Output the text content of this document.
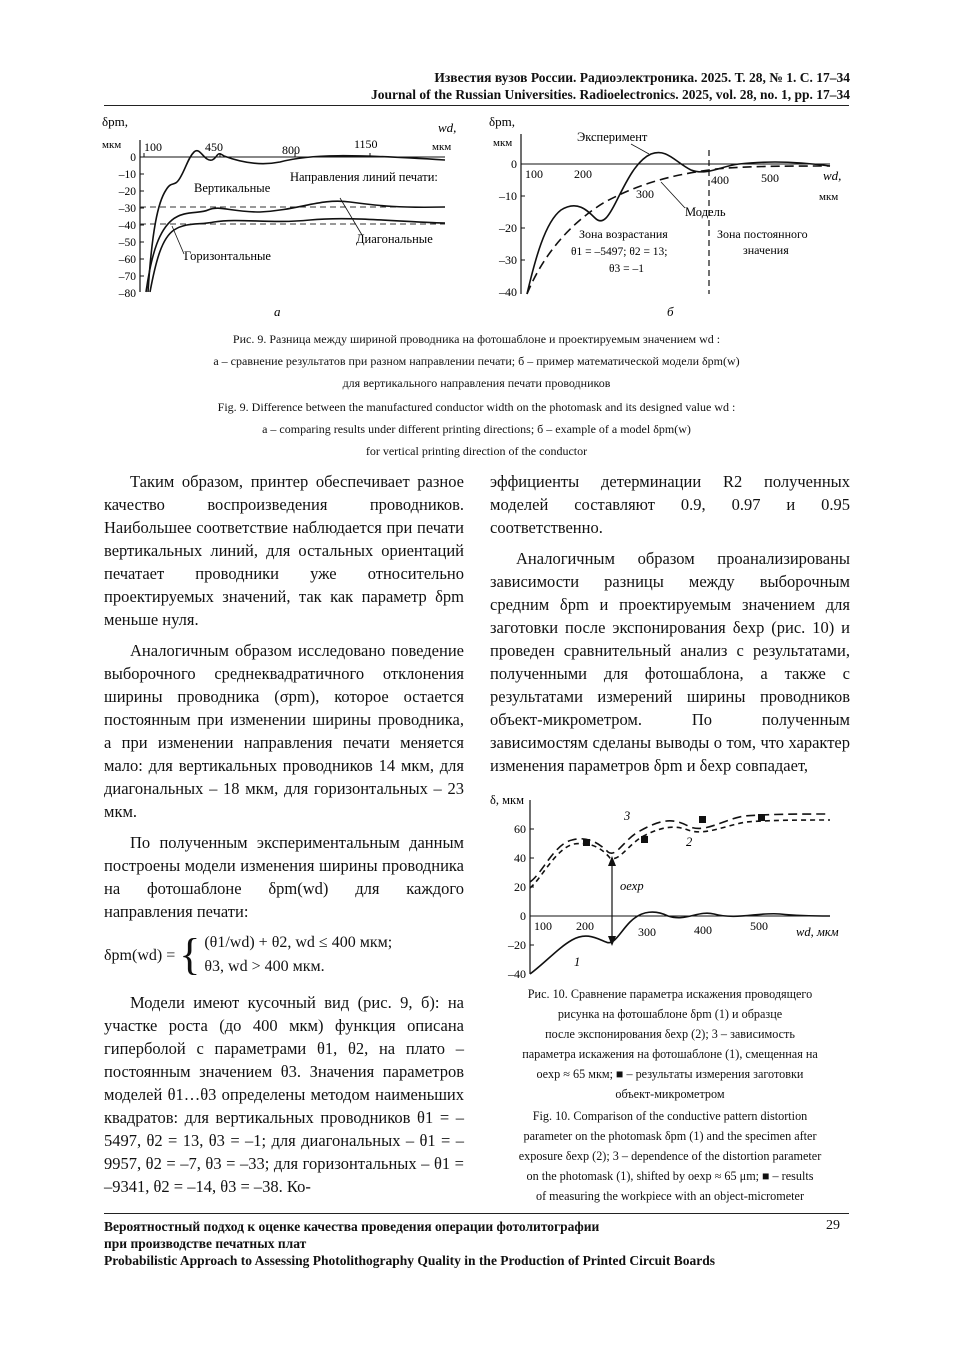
Известия вузов России. Радиоэлектроника. 2025. Т. 28, № 1. С. 17–34
Journal of the Russian Universities. Radioelectronics. 2025, vol. 28, no. 1, pp. 17–34
δpm,
мкм
0
–10
–20
–30
–40
–50
–60
–70
–80
100	450	800	1150
wd,
мкм
Направления линий печати:
Вертикальные
Диагональные
Горизонтальные
а
δpm,
мкм
0
–10
–20
–30
–40
100	200
300
400	500	wd,
мкм
Эксперимент
Модель
Зона возрастания
θ1 = –5497; θ2 = 13;
θ3 = –1
Зона постоянного
значения
б
Рис. 9. Разница между шириной проводника на фотошаблоне и проектируемым значением wd :
а – сравнение результатов при разном направлении печати; б – пример математической модели δpm(w)
для вертикального направления печати проводников
Fig. 9. Difference between the manufactured conductor width on the photomask and its designed value wd :
a – comparing results under different printing directions; б – example of a model δpm(w)
for vertical printing direction of the conductor

Таким образом, принтер обеспечивает разное качество воспроизведения проводников. Наибольшее соответствие наблюдается при печати вертикальных линий, для остальных ориентаций печатает проводники уже относительно проектируемых значений, так как параметр δpm меньше нуля.

Аналогичным образом исследовано поведение выборочного среднеквадратичного отклонения ширины проводника (σpm), которое остается постоянным при изменении ширины проводника, а при изменении направления печати меняется мало: для вертикальных проводников 14 мкм, для диагональных – 18 мкм, для горизонтальных – 23 мкм.

По полученным экспериментальным данным построены модели изменения ширины проводника на фотошаблоне δpm(wd) для каждого направления печати:

δpm(wd) = { (θ1/wd) + θ2, wd ≤ 400 мкм;
θ3, wd > 400 мкм.

Модели имеют кусочный вид (рис. 9, б): на участке роста (до 400 мкм) функция описана гиперболой с параметрами θ1, θ2, на плато – постоянным значением θ3. Значения параметров моделей θ1…θ3 определены методом наименьших квадратов: для вертикальных проводников θ1 = –5497, θ2 = 13, θ3 = –1; для диагональных – θ1 = –9957, θ2 = –7, θ3 = –33; для горизонтальных – θ1 = –9341, θ2 = –14, θ3 = –38. Ко-

эффициенты детерминации R2 полученных моделей составляют 0.9, 0.97 и 0.95 соответственно.

Аналогичным образом проанализированы зависимости разницы между выборочным средним δpm и проектируемым значением для заготовки после экспонирования δexp (рис. 10) и проведен сравнительный анализ с результатами, полученными для фотошаблона, а также с результатами измерений ширины проводников объект-микрометром. По полученным зависимостям сделаны выводы о том, что характер изменения параметров δpm и δexp совпадает,

δ, мкм
60
40
20
0
–20
–40
100 200	300	400	500 wd, мкм
oexp
3
2
1
Рис. 10. Сравнение параметра искажения проводящего
рисунка на фотошаблоне δpm (1) и образце
после экспонирования δexp (2); 3 – зависимость
параметра искажения на фотошаблоне (1), смещенная на
oexp ≈ 65 мкм; ■ – результаты измерения заготовки
объект-микрометром
Fig. 10. Comparison of the conductive pattern distortion
parameter on the photomask δpm (1) and the specimen after
exposure δexp (2); 3 – dependence of the distortion parameter
on the photomask (1), shifted by oexp ≈ 65 μm; ■ – results
of measuring the workpiece with an object-micrometer
Вероятностный подход к оценке качества проведения операции фотолитографии
при производстве печатных плат
Probabilistic Approach to Assessing Photolithography Quality in the Production of Printed Circuit Boards
29
